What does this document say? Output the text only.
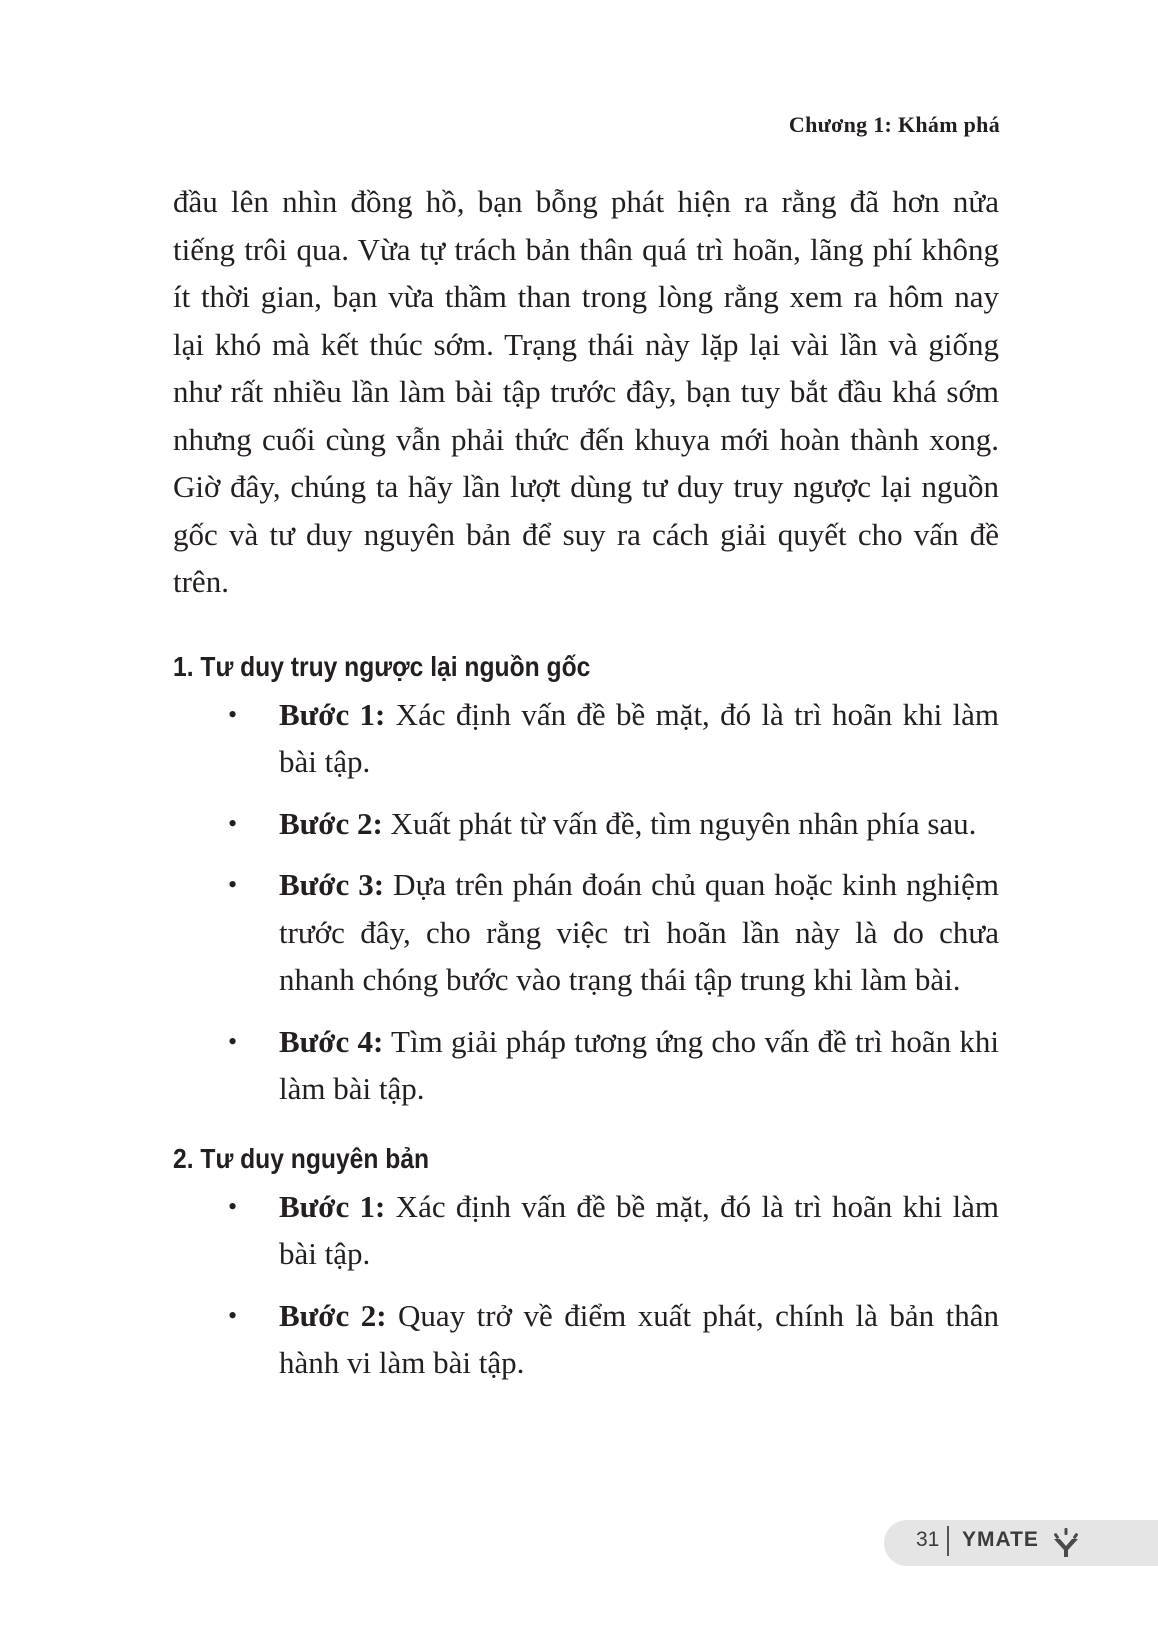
Chương 1: Khám phá

đầu lên nhìn đồng hồ, bạn bỗng phát hiện ra rằng đã hơn nửa tiếng trôi qua. Vừa tự trách bản thân quá trì hoãn, lãng phí không ít thời gian, bạn vừa thầm than trong lòng rằng xem ra hôm nay lại khó mà kết thúc sớm. Trạng thái này lặp lại vài lần và giống như rất nhiều lần làm bài tập trước đây, bạn tuy bắt đầu khá sớm nhưng cuối cùng vẫn phải thức đến khuya mới hoàn thành xong. Giờ đây, chúng ta hãy lần lượt dùng tư duy truy ngược lại nguồn gốc và tư duy nguyên bản để suy ra cách giải quyết cho vấn đề trên.

1. Tư duy truy ngược lại nguồn gốc
• Bước 1: Xác định vấn đề bề mặt, đó là trì hoãn khi làm bài tập.
• Bước 2: Xuất phát từ vấn đề, tìm nguyên nhân phía sau.
• Bước 3: Dựa trên phán đoán chủ quan hoặc kinh nghiệm trước đây, cho rằng việc trì hoãn lần này là do chưa nhanh chóng bước vào trạng thái tập trung khi làm bài.
• Bước 4: Tìm giải pháp tương ứng cho vấn đề trì hoãn khi làm bài tập.
2. Tư duy nguyên bản
• Bước 1: Xác định vấn đề bề mặt, đó là trì hoãn khi làm bài tập.
• Bước 2: Quay trở về điểm xuất phát, chính là bản thân hành vi làm bài tập.
31 YMATE
